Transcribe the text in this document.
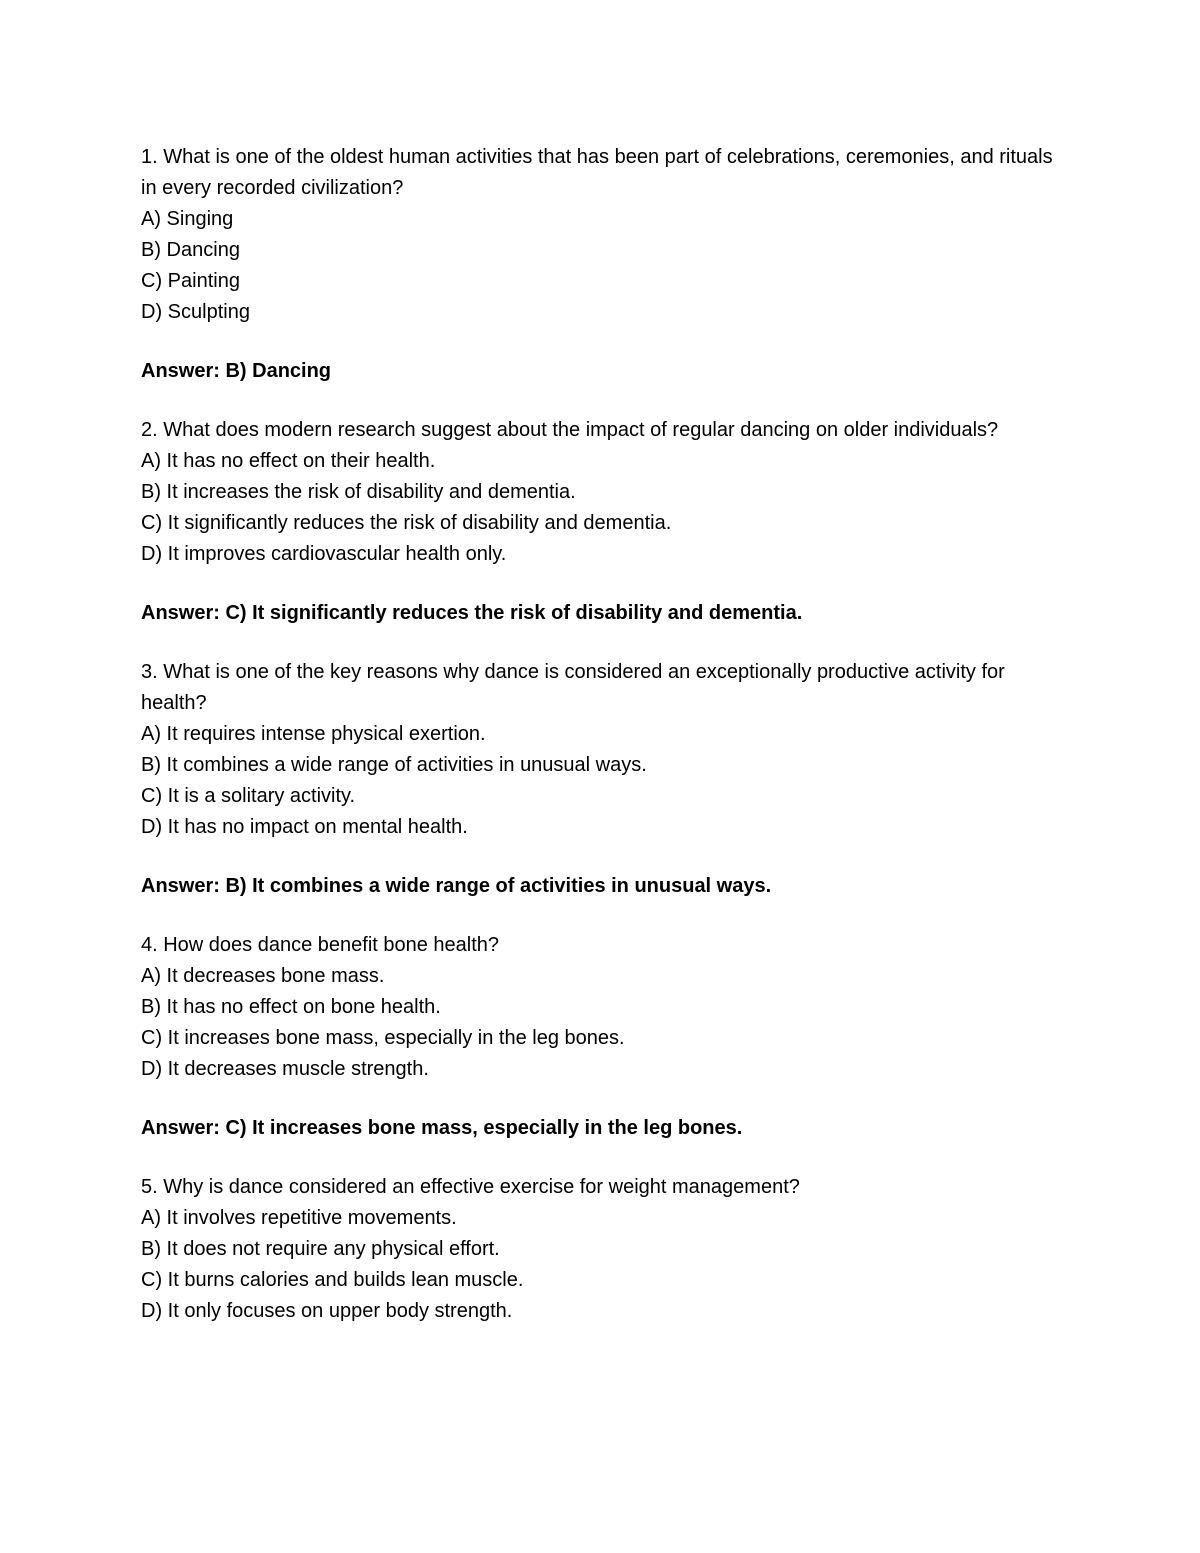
1. What is one of the oldest human activities that has been part of celebrations, ceremonies, and rituals in every recorded civilization?
A) Singing
B) Dancing
C) Painting
D) Sculpting
Answer: B) Dancing
2. What does modern research suggest about the impact of regular dancing on older individuals?
A) It has no effect on their health.
B) It increases the risk of disability and dementia.
C) It significantly reduces the risk of disability and dementia.
D) It improves cardiovascular health only.
Answer: C) It significantly reduces the risk of disability and dementia.
3. What is one of the key reasons why dance is considered an exceptionally productive activity for health?
A) It requires intense physical exertion.
B) It combines a wide range of activities in unusual ways.
C) It is a solitary activity.
D) It has no impact on mental health.
Answer: B) It combines a wide range of activities in unusual ways.
4. How does dance benefit bone health?
A) It decreases bone mass.
B) It has no effect on bone health.
C) It increases bone mass, especially in the leg bones.
D) It decreases muscle strength.
Answer: C) It increases bone mass, especially in the leg bones.
5. Why is dance considered an effective exercise for weight management?
A) It involves repetitive movements.
B) It does not require any physical effort.
C) It burns calories and builds lean muscle.
D) It only focuses on upper body strength.
